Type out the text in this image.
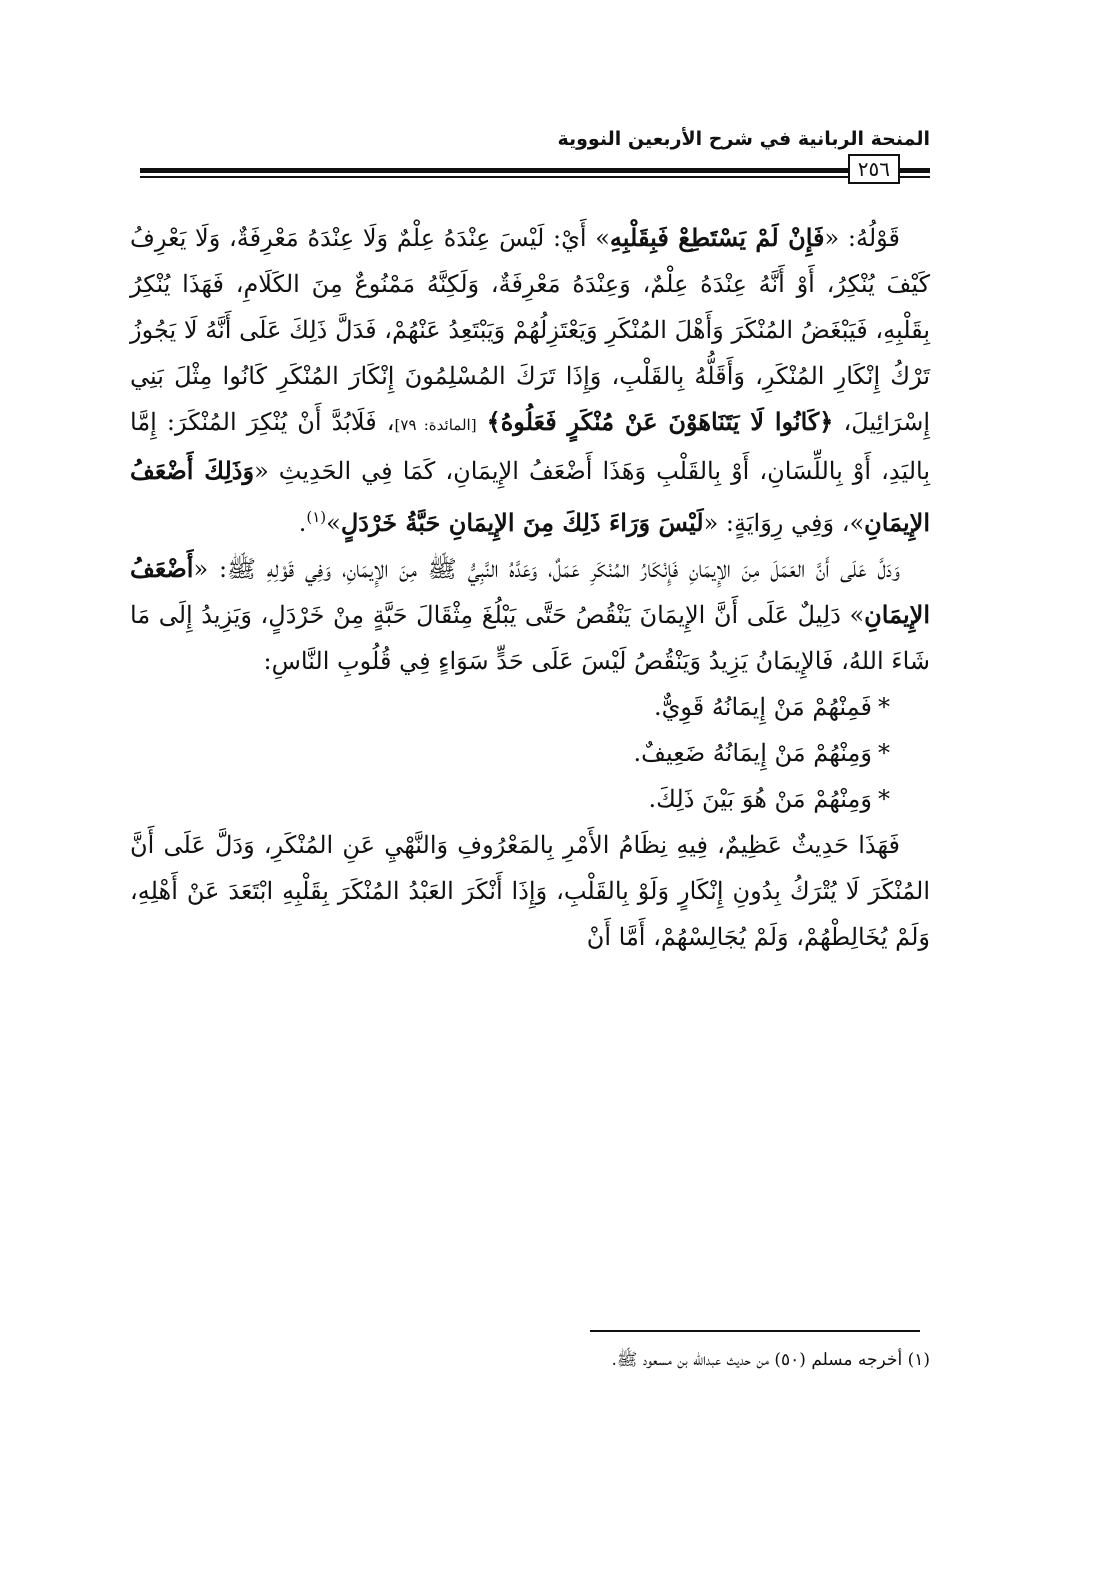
المنحة الربانية في شرح الأربعين النووية
٢٥٦

قَوْلُهُ: «فَإِنْ لَمْ يَسْتَطِعْ فَبِقَلْبِهِ» أَيْ: لَيْسَ عِنْدَهُ عِلْمٌ وَلَا عِنْدَهُ مَعْرِفَةٌ، وَلَا يَعْرِفُ كَيْفَ يُنْكِرُ، أَوْ أَنَّهُ عِنْدَهُ عِلْمٌ، وَعِنْدَهُ مَعْرِفَةٌ، وَلَكِنَّهُ مَمْنُوعٌ مِنَ الكَلَامِ، فَهَذَا يُنْكِرُ بِقَلْبِهِ، فَيَبْغَضُ المُنْكَرَ وَأَهْلَ المُنْكَرِ وَيَعْتَزِلُهُمْ وَيَبْتَعِدُ عَنْهُمْ، فَدَلَّ ذَلِكَ عَلَى أَنَّهُ لَا يَجُوزُ تَرْكُ إِنْكَارِ المُنْكَرِ، وَأَقَلُّهُ بِالقَلْبِ، وَإِذَا تَرَكَ المُسْلِمُونَ إِنْكَارَ المُنْكَرِ كَانُوا مِثْلَ بَنِي إِسْرَائِيلَ، ﴿كَانُوا لَا يَتَنَاهَوْنَ عَنْ مُنْكَرٍ فَعَلُوهُ﴾ [المائدة: ٧٩]، فَلَابُدَّ أَنْ يُنْكِرَ المُنْكَرَ: إِمَّا بِاليَدِ، أَوْ بِاللِّسَانِ، أَوْ بِالقَلْبِ وَهَذَا أَضْعَفُ الإِيمَانِ، كَمَا فِي الحَدِيثِ «وَذَلِكَ أَضْعَفُ الإِيمَانِ»، وَفِي رِوَايَةٍ: «لَيْسَ وَرَاءَ ذَلِكَ مِنَ الإِيمَانِ حَبَّةُ خَرْدَلٍ»$^{(١)}$.

وَدَلَّ عَلَى أَنَّ العَمَلَ مِنَ الإِيمَانِ فَإِنْكَارُ المُنْكَرِ عَمَلٌ، وَعَدَّهُ النَّبِيُّ ﷺ مِنَ الإِيمَانِ، وَفِي قَوْلِهِ ﷺ: «أَضْعَفُ الإِيمَانِ» دَلِيلٌ عَلَى أَنَّ الإِيمَانَ يَنْقُصُ حَتَّى يَبْلُغَ مِثْقَالَ حَبَّةٍ مِنْ خَرْدَلٍ، وَيَزِيدُ إِلَى مَا شَاءَ اللهُ، فَالإِيمَانُ يَزِيدُ وَيَنْقُصُ لَيْسَ عَلَى حَدٍّ سَوَاءٍ فِي قُلُوبِ النَّاسِ:

*فَمِنْهُمْ مَنْ إِيمَانُهُ قَوِيٌّ.
*وَمِنْهُمْ مَنْ إِيمَانُهُ ضَعِيفٌ.
*وَمِنْهُمْ مَنْ هُوَ بَيْنَ ذَلِكَ.

فَهَذَا حَدِيثٌ عَظِيمٌ، فِيهِ نِظَامُ الأَمْرِ بِالمَعْرُوفِ وَالنَّهْيِ عَنِ المُنْكَرِ، وَدَلَّ عَلَى أَنَّ المُنْكَرَ لَا يُتْرَكُ بِدُونِ إِنْكَارٍ وَلَوْ بِالقَلْبِ، وَإِذَا أَنْكَرَ العَبْدُ المُنْكَرَ بِقَلْبِهِ ابْتَعَدَ عَنْ أَهْلِهِ، وَلَمْ يُخَالِطْهُمْ، وَلَمْ يُجَالِسْهُمْ، أَمَّا أَنْ

(١) أخرجه مسلم (٥٠) من حديث عبدالله بن مسعود ﷺ.
